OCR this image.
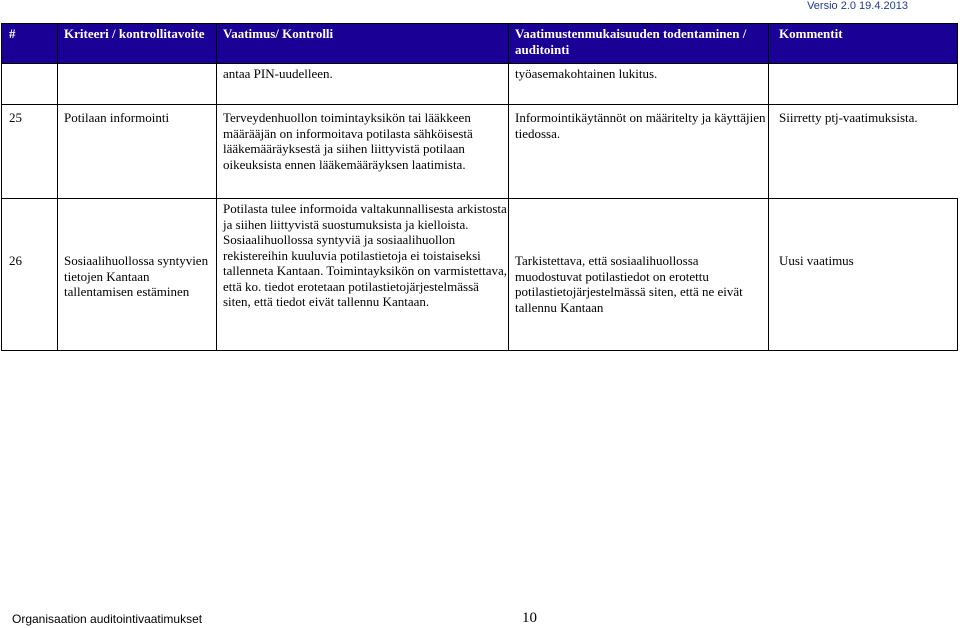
Versio 2.0 19.4.2013
#	Kriteeri / kontrollitavoite	Vaatimus/ Kontrolli	Vaatimustenmukaisuuden todentaminen / auditointi	Kommentit

		antaa PIN-uudelleen.	työasemakohtainen lukitus.	

25	Potilaan informointi	Terveydenhuollon toimintayksikön tai lääkkeen määrääjän on informoitava potilasta sähköisestä lääkemääräyksestä ja siihen liittyvistä potilaan oikeuksista ennen lääkemääräyksen laatimista.	Informointikäytännöt on määritelty ja käyttäjien tiedossa.	Siirretty ptj-vaatimuksista.

26	Sosiaalihuollossa syntyvien tietojen Kantaan tallentamisen estäminen	Potilasta tulee informoida valtakunnallisesta arkistosta ja siihen liittyvistä suostumuksista ja kielloista.
Sosiaalihuollossa syntyviä ja sosiaalihuollon rekistereihin kuuluvia potilastietoja ei toistaiseksi tallenneta Kantaan. Toimintayksikön on varmistettava, että ko. tiedot erotetaan potilastietojärjestelmässä siten, että tiedot eivät tallennu Kantaan.	Tarkistettava, että sosiaalihuollossa muodostuvat potilastiedot on erotettu potilastietojärjestelmässä siten, että ne eivät tallennu Kantaan	Uusi vaatimus
Organisaation auditointivaatimukset	10
